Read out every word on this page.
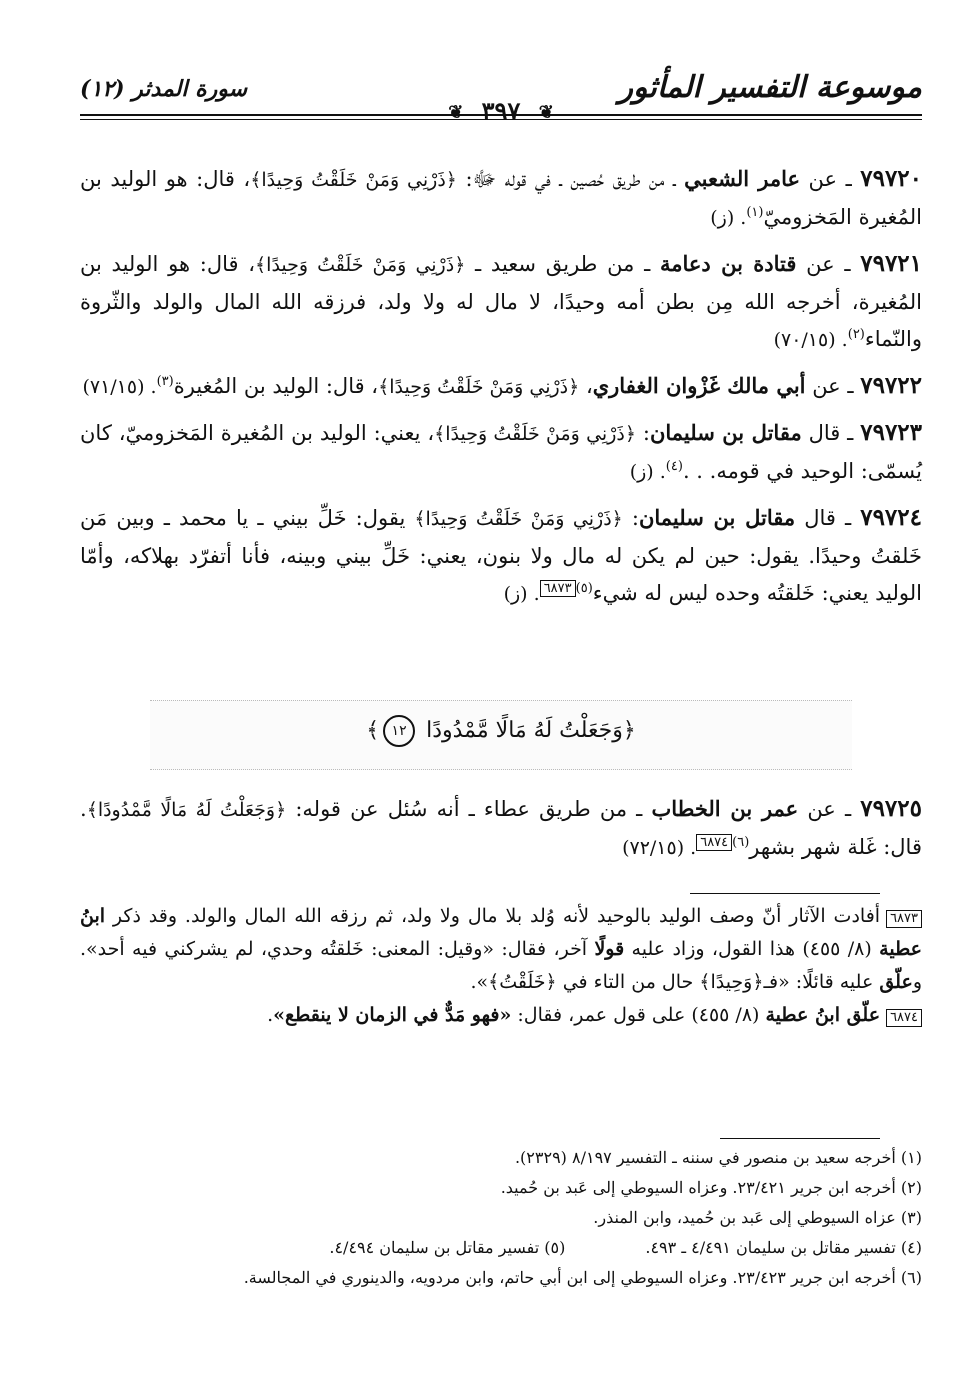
موسوعة التفسير المأثور
سورة المدثر (١٢)
❦ ٣٩٧ ❦

٧٩٧٢٠ ـ عن عامر الشعبي ـ من طريق حُصين ـ في قوله ﷻ: ﴿ذَرْنِي وَمَنْ خَلَقْتُ وَحِيدًا﴾، قال: هو الوليد بن المُغيرة المَخزوميّ$^{(١)}$. (ز)

٧٩٧٢١ ـ عن قتادة بن دعامة ـ من طريق سعيد ـ ﴿ذَرْنِي وَمَنْ خَلَقْتُ وَحِيدًا﴾، قال: هو الوليد بن المُغيرة، أخرجه الله مِن بطن أمه وحيدًا، لا مال له ولا ولد، فرزقه الله المال والولد والثّروة والنّماء$^{(٢)}$. (٧٠/١٥)

٧٩٧٢٢ ـ عن أبي مالك غَزْوان الغفاري، ﴿ذَرْنِي وَمَنْ خَلَقْتُ وَحِيدًا﴾، قال: الوليد بن المُغيرة$^{(٣)}$. (٧١/١٥)

٧٩٧٢٣ ـ قال مقاتل بن سليمان: ﴿ذَرْنِي وَمَنْ خَلَقْتُ وَحِيدًا﴾، يعني: الوليد بن المُغيرة المَخزوميّ، كان يُسمّى: الوحيد في قومه. . .$^{(٤)}$. (ز)

٧٩٧٢٤ ـ قال مقاتل بن سليمان: ﴿ذَرْنِي وَمَنْ خَلَقْتُ وَحِيدًا﴾ يقول: خَلِّ بيني ـ يا محمد ـ وبين مَن خَلقتُ وحيدًا. يقول: حين لم يكن له مال ولا بنون، يعني: خَلِّ بيني وبينه، فأنا أتفرّد بهلاكه، وأمّا الوليد يعني: خَلقتُه وحده ليس له شيء$^{(٥)}$٦٨٧٣. (ز)

﴿وَجَعَلْتُ لَهُ مَالًا مَّمْدُودًا ١٢﴾

٧٩٧٢٥ ـ عن عمر بن الخطاب ـ من طريق عطاء ـ أنه سُئل عن قوله: ﴿وَجَعَلْتُ لَهُ مَالًا مَّمْدُودًا﴾. قال: غَلة شهر بشهر$^{(٦)}$٦٨٧٤. (٧٢/١٥)

٦٨٧٣أفادت الآثار أنّ وصف الوليد بالوحيد لأنه وُلد بلا مال ولا ولد، ثم رزقه الله المال والولد. وقد ذكر ابنُ عطية (٨/ ٤٥٥) هذا القول، وزاد عليه قولًا آخر، فقال: «وقيل: المعنى: خَلقتُه وحدي، لم يشركني فيه أحد». وعلّق عليه قائلًا: «فـ﴿وَحِيدًا﴾ حال من التاء في ﴿خَلَقْتُ﴾».

٦٨٧٤علّق ابنُ عطية (٨/ ٤٥٥) على قول عمر، فقال: «فهو مَدٌّ في الزمان لا ينقطع».

(١) أخرجه سعيد بن منصور في سننه ـ التفسير ٨/١٩٧ (٢٣٢٩).

(٢) أخرجه ابن جرير ٢٣/٤٢١. وعزاه السيوطي إلى عَبد بن حُميد.

(٣) عزاه السيوطي إلى عَبد بن حُميد، وابن المنذر.

(٤) تفسير مقاتل بن سليمان ٤/٤٩١ ـ ٤٩٣.
(٥) تفسير مقاتل بن سليمان ٤/٤٩٤.

(٦) أخرجه ابن جرير ٢٣/٤٢٣. وعزاه السيوطي إلى ابن أبي حاتم، وابن مردويه، والدينوري في المجالسة.
